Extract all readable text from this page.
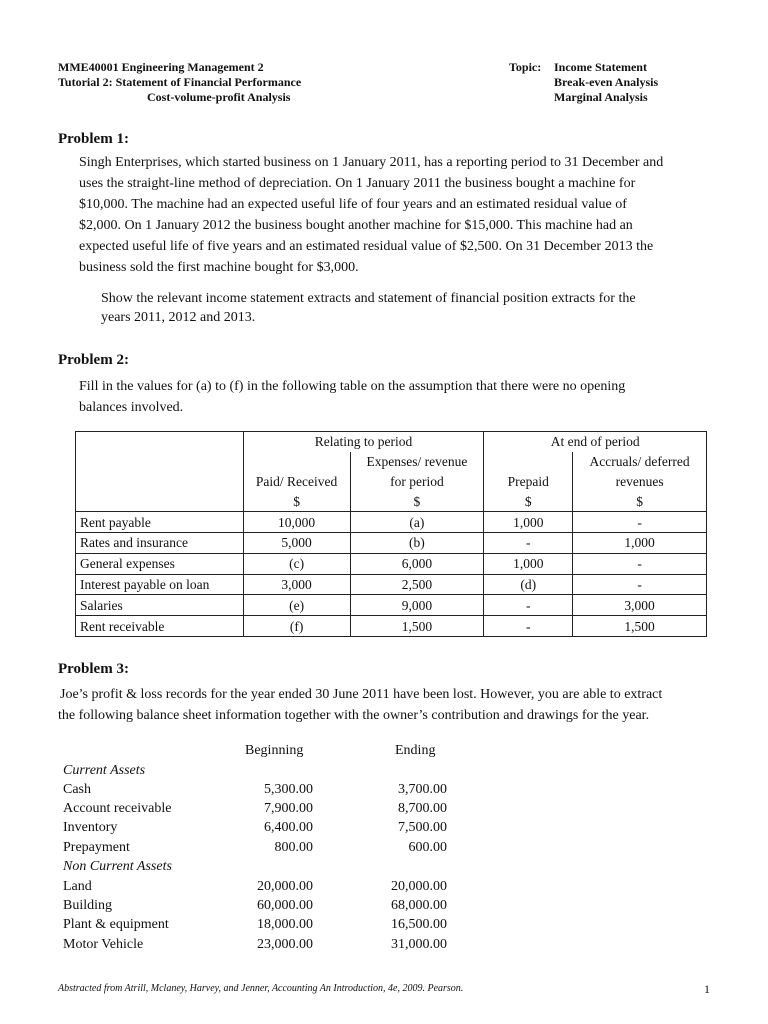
MME40001 Engineering Management 2
Tutorial 2: Statement of Financial Performance
Cost-volume-profit Analysis
Topic: Income Statement
Break-even Analysis
Marginal Analysis
Problem 1:
Singh Enterprises, which started business on 1 January 2011, has a reporting period to 31 December and
uses the straight-line method of depreciation. On 1 January 2011 the business bought a machine for
$10,000. The machine had an expected useful life of four years and an estimated residual value of
$2,000. On 1 January 2012 the business bought another machine for $15,000. This machine had an
expected useful life of five years and an estimated residual value of $2,500. On 31 December 2013 the
business sold the first machine bought for $3,000.
Show the relevant income statement extracts and statement of financial position extracts for the
years 2011, 2012 and 2013.
Problem 2:
Fill in the values for (a) to (f) in the following table on the assumption that there were no opening
balances involved.
	Relating to period		At end of period	
		Expenses/ revenue		Accruals/ deferred
	Paid/ Received	for period	Prepaid	revenues
	$	$	$	$
Rent payable	10,000	(a)	1,000	-
Rates and insurance	5,000	(b)	-	1,000
General expenses	(c)	6,000	1,000	-
Interest payable on loan	3,000	2,500	(d)	-
Salaries	(e)	9,000	-	3,000
Rent receivable	(f)	1,500	-	1,500
Problem 3:
Joe’s profit & loss records for the year ended 30 June 2011 have been lost. However, you are able to extract
the following balance sheet information together with the owner’s contribution and drawings for the year.
Beginning	Ending
Current Assets
Cash	5,300.00	3,700.00
Account receivable	7,900.00	8,700.00
Inventory	6,400.00	7,500.00
Prepayment	800.00	600.00
Non Current Assets
Land	20,000.00	20,000.00
Building	60,000.00	68,000.00
Plant & equipment	18,000.00	16,500.00
Motor Vehicle	23,000.00	31,000.00
Abstracted from Atrill, Mclaney, Harvey, and Jenner, Accounting An Introduction, 4e, 2009. Pearson.	1
